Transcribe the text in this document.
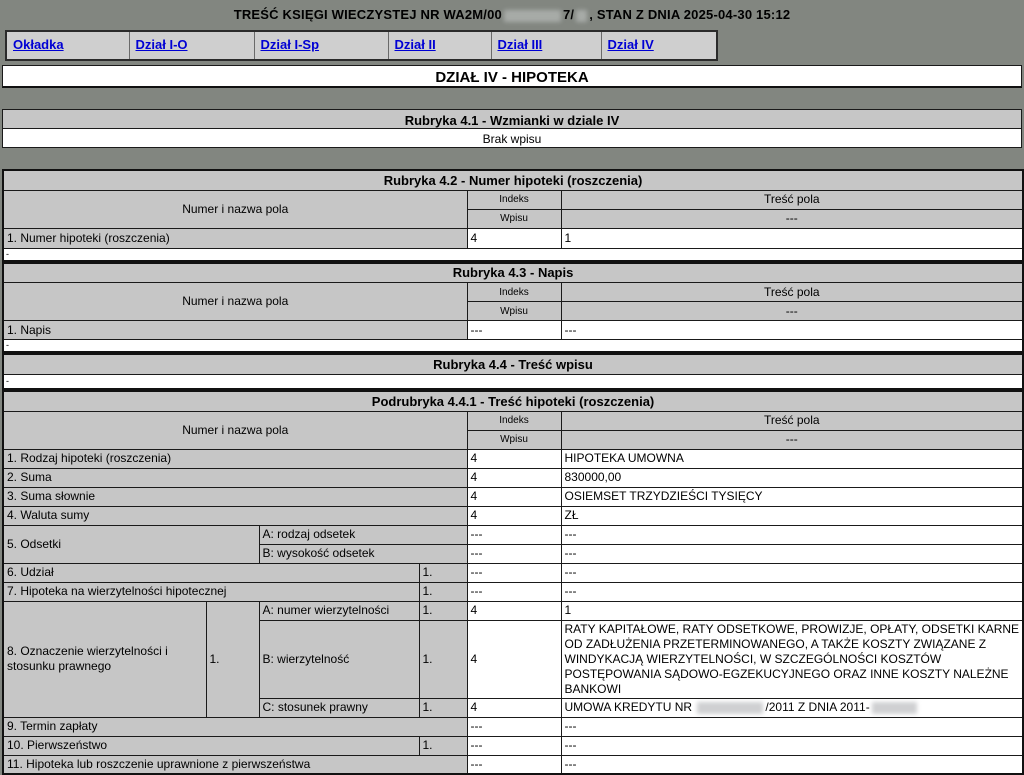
TREŚĆ KSIĘGI WIECZYSTEJ NR WA2M/00	7/ , STAN Z DNIA 2025-04-30 15:12
Okładka	Dział I-O	Dział I-Sp	Dział II	Dział III	Dział IV
DZIAŁ IV - HIPOTEKA
Rubryka 4.1 - Wzmianki w dziale IV
Brak wpisu
Rubryka 4.2 - Numer hipoteki (roszczenia)		
Numer i nazwa pola	Indeks	Treść pola
	Wpisu	---
1. Numer hipoteki (roszczenia)	4	1
-		
Rubryka 4.3 - Napis		
Numer i nazwa pola	Indeks	Treść pola
	Wpisu	---
1. Napis	---	---
-		
Rubryka 4.4 - Treść wpisu
-
Podrubryka 4.4.1 - Treść hipoteki (roszczenia)					
Numer i nazwa pola				Indeks	Treść pola
				Wpisu	---
1. Rodzaj hipoteki (roszczenia)				4	HIPOTEKA UMOWNA
2. Suma				4	830000,00
3. Suma słownie				4	OSIEMSET TRZYDZIEŚCI TYSIĘCY
4. Waluta sumy				4	ZŁ
5. Odsetki		A: rodzaj odsetek		---	---
		B: wysokość odsetek		---	---
6. Udział			1.	---	---
7. Hipoteka na wierzytelności hipotecznej			1.	---	---
8. Oznaczenie wierzytelności i stosunku prawnego	1.	A: numer wierzytelności	1.	4	1
		B: wierzytelność	1.	4	RATY KAPITAŁOWE, RATY ODSETKOWE, PROWIZJE, OPŁATY, ODSETKI KARNE OD ZADŁUŻENIA PRZETERMINOWANEGO, A TAKŻE KOSZTY ZWIĄZANE Z WINDYKACJĄ WIERZYTELNOŚCI, W SZCZEGÓLNOŚCI KOSZTÓW POSTĘPOWANIA SĄDOWO-EGZEKUCYJNEGO ORAZ INNE KOSZTY NALEŻNE BANKOWI
		C: stosunek prawny	1.	4	UMOWA KREDYTU NR /2011 Z DNIA 2011-
9. Termin zapłaty				---	---
10. Pierwszeństwo			1.	---	---
11. Hipoteka lub roszczenie uprawnione z pierwszeństwa				---	---
